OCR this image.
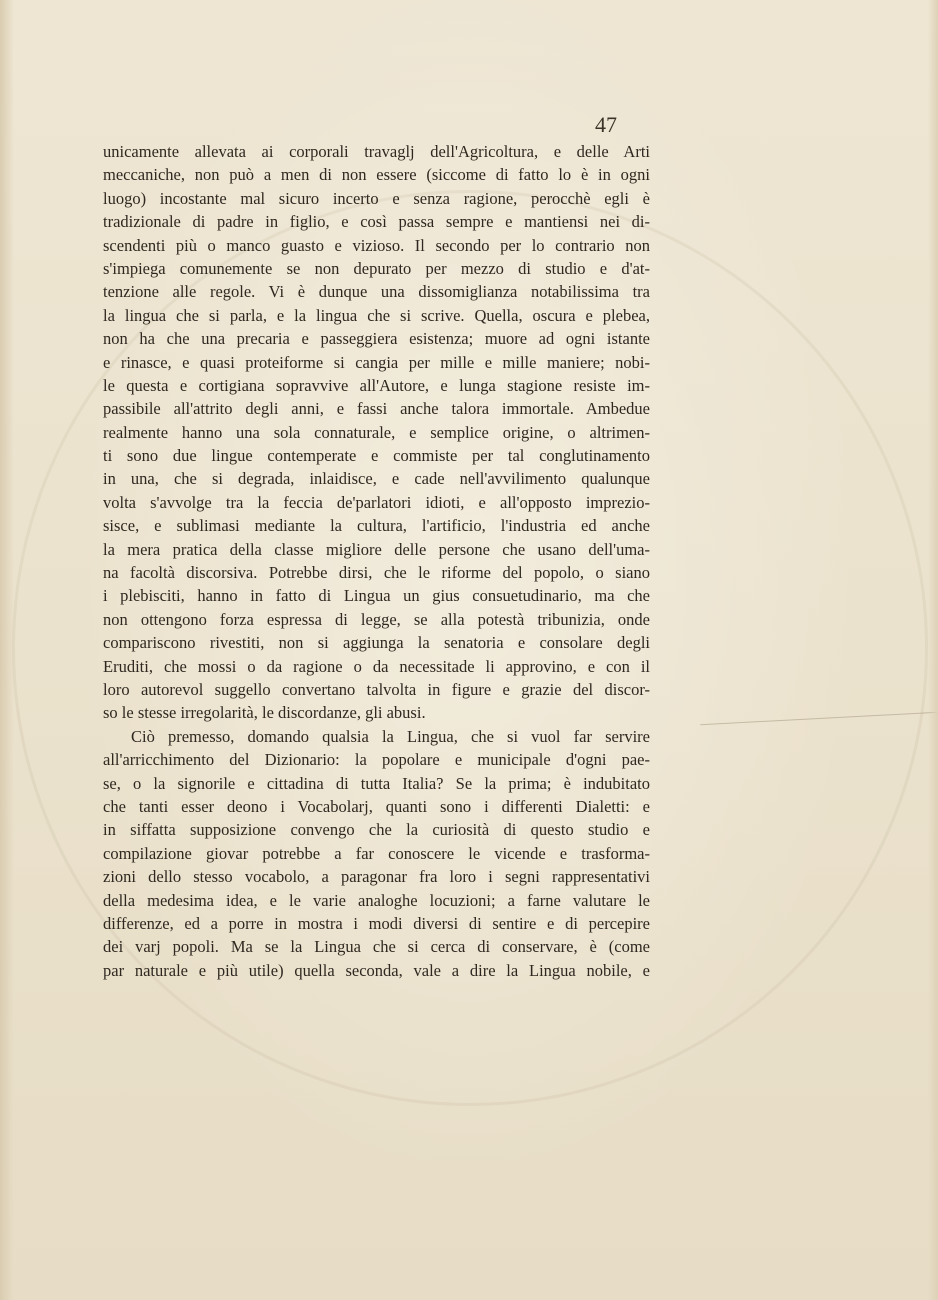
47
unicamente allevata ai corporali travaglj dell'Agricoltura, e delle Arti
meccaniche, non può a men di non essere (siccome di fatto lo è in ogni
luogo) incostante mal sicuro incerto e senza ragione, perocchè egli è
tradizionale di padre in figlio, e così passa sempre e mantiensi nei di-
scendenti più o manco guasto e vizioso. Il secondo per lo contrario non
s'impiega comunemente se non depurato per mezzo di studio e d'at-
tenzione alle regole. Vi è dunque una dissomiglianza notabilissima tra
la lingua che si parla, e la lingua che si scrive. Quella, oscura e plebea,
non ha che una precaria e passeggiera esistenza; muore ad ogni istante
e rinasce, e quasi proteiforme si cangia per mille e mille maniere; nobi-
le questa e cortigiana sopravvive all'Autore, e lunga stagione resiste im-
passibile all'attrito degli anni, e fassi anche talora immortale. Ambedue
realmente hanno una sola connaturale, e semplice origine, o altrimen-
ti sono due lingue contemperate e commiste per tal conglutinamento
in una, che si degrada, inlaidisce, e cade nell'avvilimento qualunque
volta s'avvolge tra la feccia de'parlatori idioti, e all'opposto imprezio-
sisce, e sublimasi mediante la cultura, l'artificio, l'industria ed anche
la mera pratica della classe migliore delle persone che usano dell'uma-
na facoltà discorsiva. Potrebbe dirsi, che le riforme del popolo, o siano
i plebisciti, hanno in fatto di Lingua un gius consuetudinario, ma che
non ottengono forza espressa di legge, se alla potestà tribunizia, onde
compariscono rivestiti, non si aggiunga la senatoria e consolare degli
Eruditi, che mossi o da ragione o da necessitade li approvino, e con il
loro autorevol suggello convertano talvolta in figure e grazie del discor-
so le stesse irregolarità, le discordanze, gli abusi.
Ciò premesso, domando qualsia la Lingua, che si vuol far servire
all'arricchimento del Dizionario: la popolare e municipale d'ogni pae-
se, o la signorile e cittadina di tutta Italia? Se la prima; è indubitato
che tanti esser deono i Vocabolarj, quanti sono i differenti Dialetti: e
in siffatta supposizione convengo che la curiosità di questo studio e
compilazione giovar potrebbe a far conoscere le vicende e trasforma-
zioni dello stesso vocabolo, a paragonar fra loro i segni rappresentativi
della medesima idea, e le varie analoghe locuzioni; a farne valutare le
differenze, ed a porre in mostra i modi diversi di sentire e di percepire
dei varj popoli. Ma se la Lingua che si cerca di conservare, è (come
par naturale e più utile) quella seconda, vale a dire la Lingua nobile, e
